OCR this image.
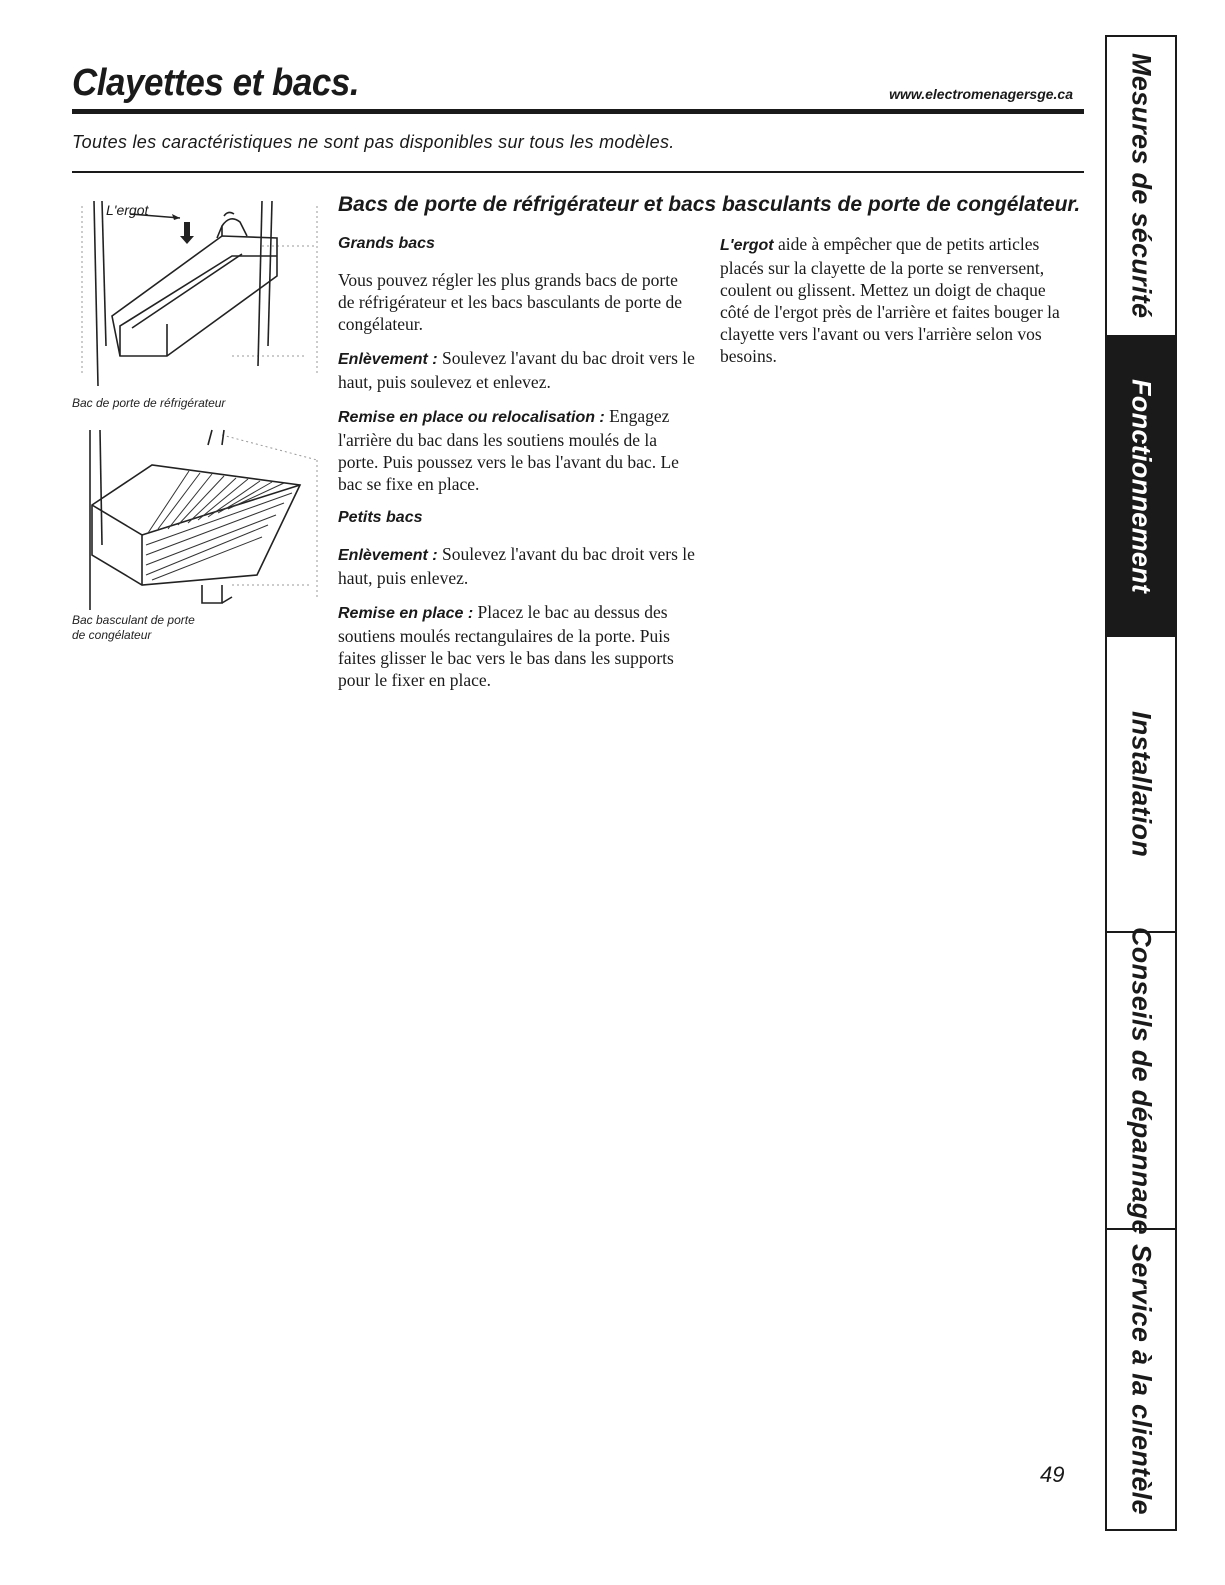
Clayettes et bacs.	www.electromenagersge.ca
Toutes les caractéristiques ne sont pas disponibles sur tous les modèles.
L'ergot
Bac de porte de réfrigérateur
Bac basculant de porte
de congélateur
Bacs de porte de réfrigérateur et bacs basculants de porte de congélateur.

Grands bacs

Vous pouvez régler les plus grands bacs de porte de réfrigérateur et les bacs basculants de porte de congélateur.

Enlèvement : Soulevez l'avant du bac droit vers le haut, puis soulevez et enlevez.

Remise en place ou relocalisation : Engagez l'arrière du bac dans les soutiens moulés de la porte. Puis poussez vers le bas l'avant du bac. Le bac se fixe en place.

Petits bacs

Enlèvement : Soulevez l'avant du bac droit vers le haut, puis enlevez.

Remise en place : Placez le bac au dessus des soutiens moulés rectangulaires de la porte. Puis faites glisser le bac vers le bas dans les supports pour le fixer en place.

L'ergot aide à empêcher que de petits articles placés sur la clayette de la porte se renversent, coulent ou glissent. Mettez un doigt de chaque côté de l'ergot près de l'arrière et faites bouger la clayette vers l'avant ou vers l'arrière selon vos besoins.

49
Mesures de sécurité
Fonctionnement
Installation
Conseils de dépannage
Service à la clientèle
